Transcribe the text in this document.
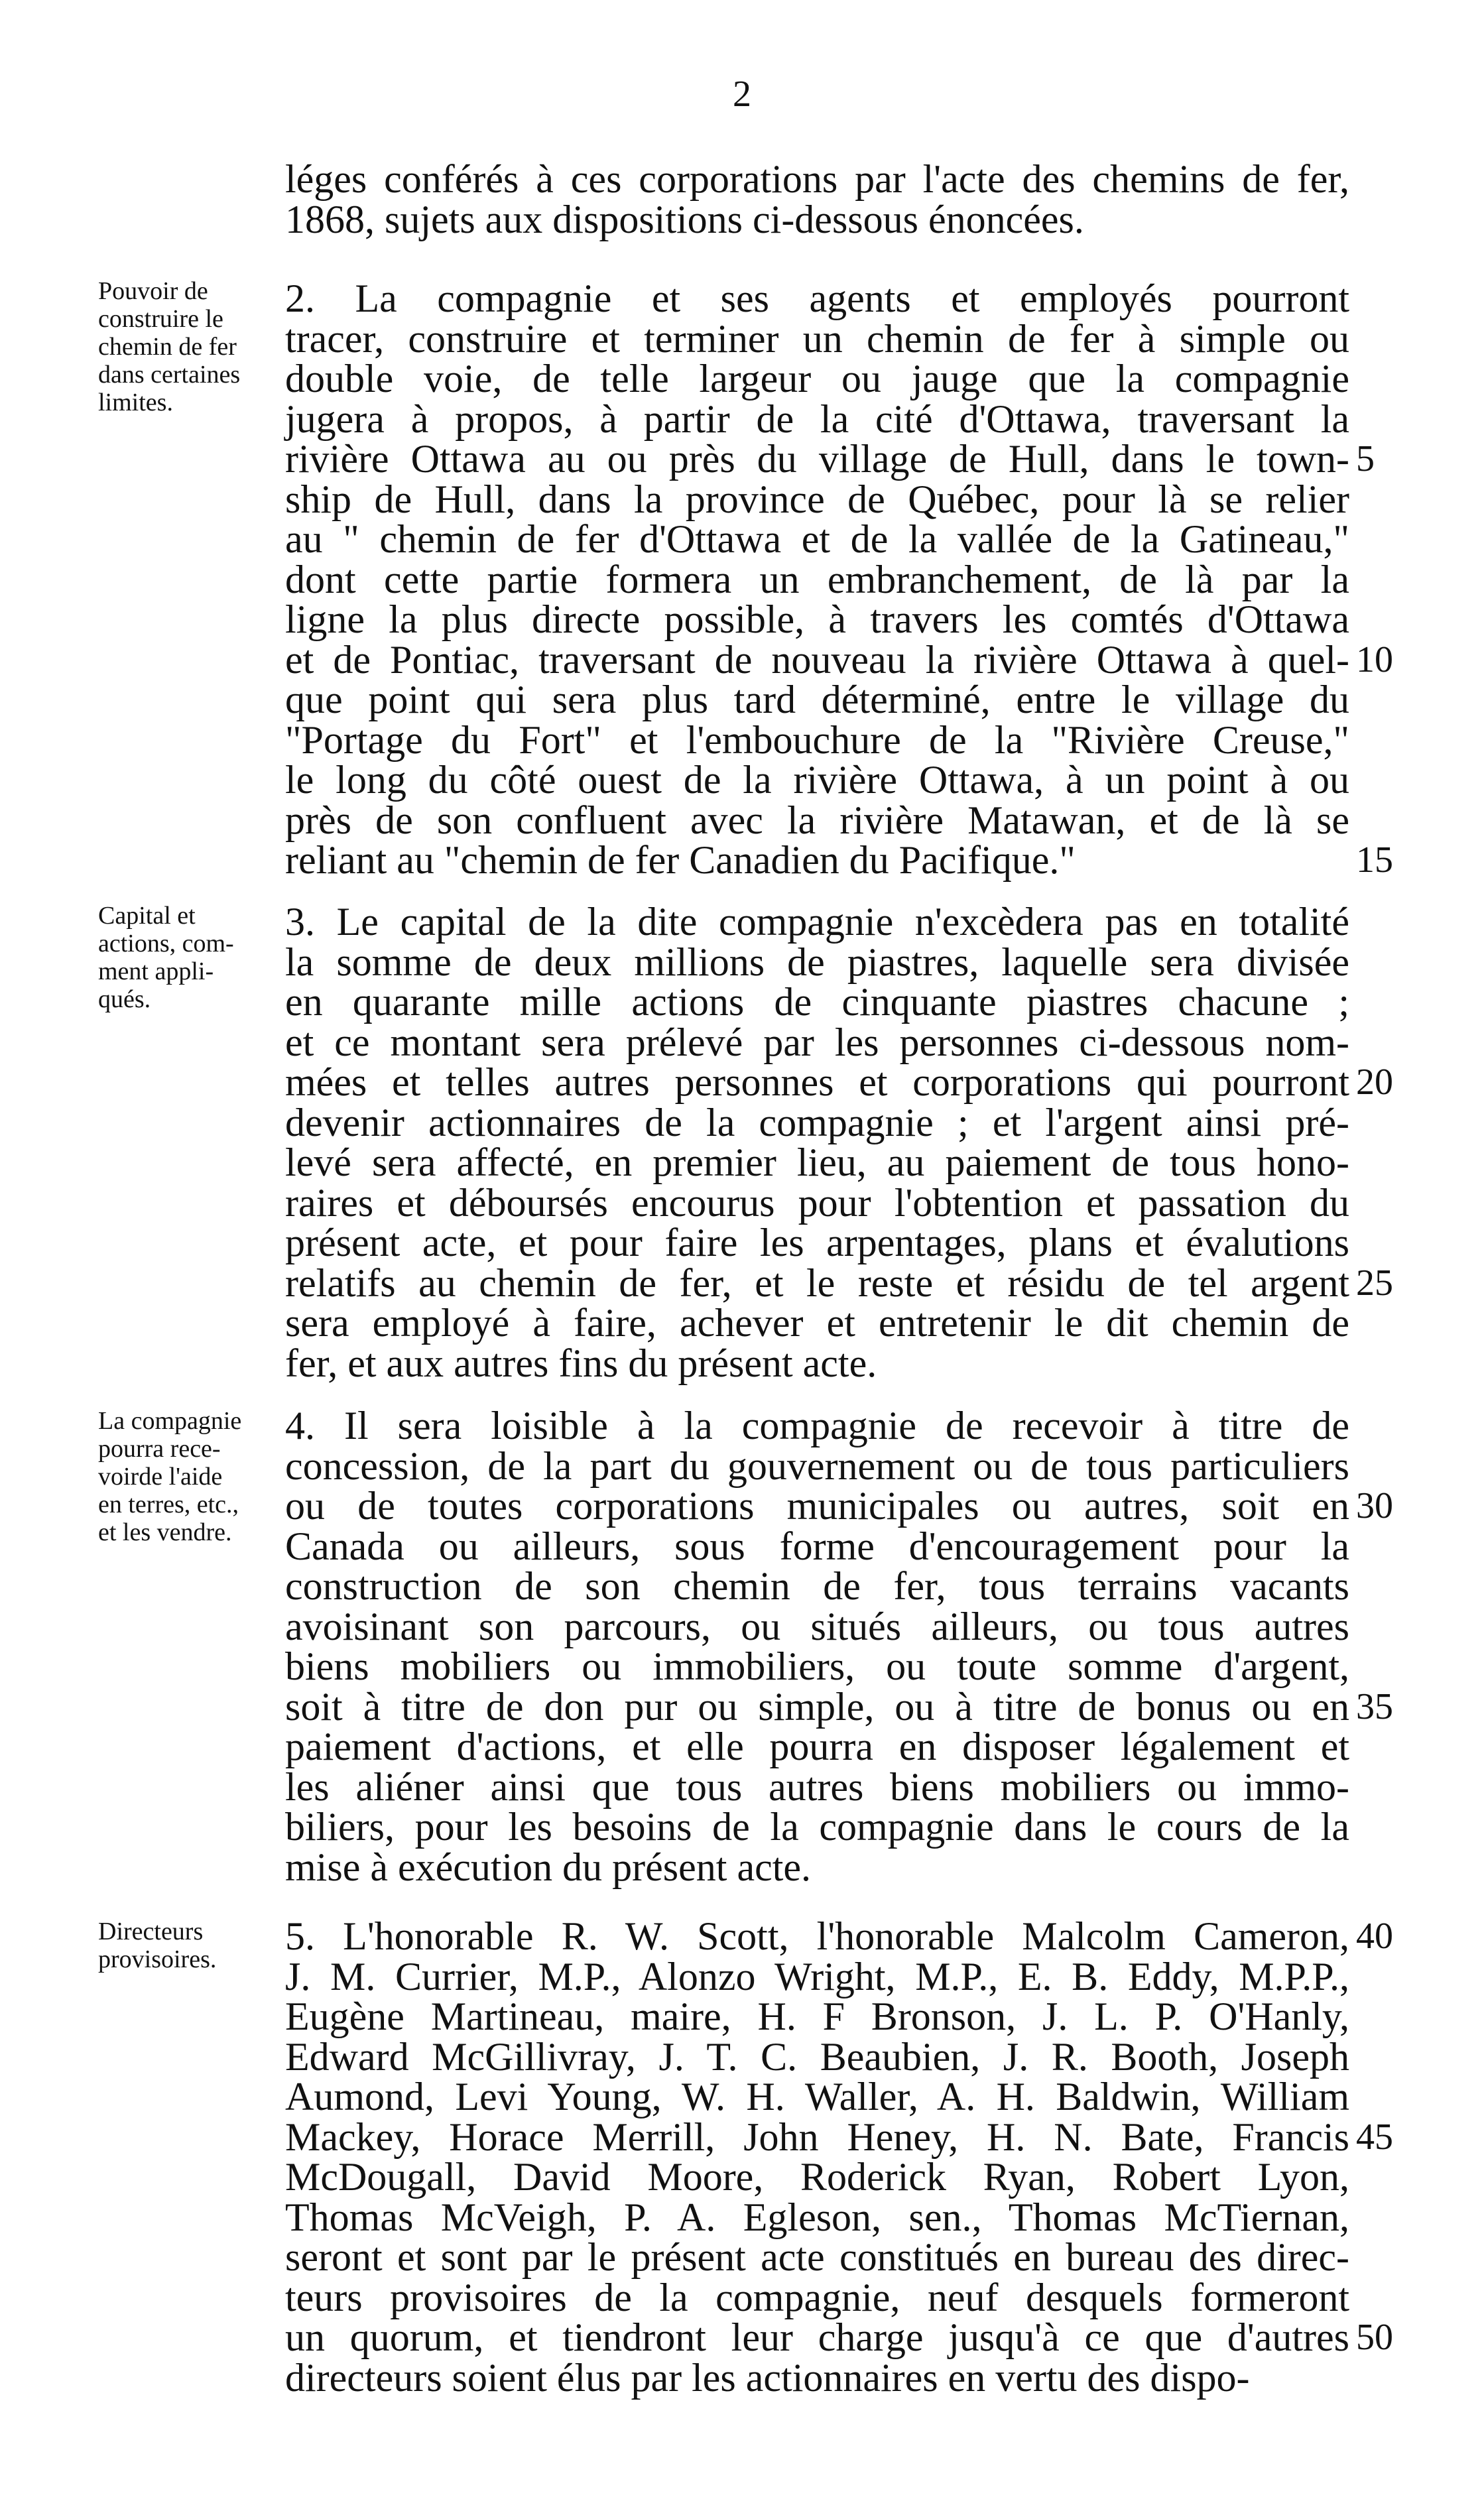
2
léges conférés à ces corporations par l'acte des chemins de fer,
1868, sujets aux dispositions ci-dessous énoncées.
2. La compagnie et ses agents et employés pourront
tracer, construire et terminer un chemin de fer à simple ou
double voie, de telle largeur ou jauge que la compagnie
jugera à propos, à partir de la cité d'Ottawa, traversant la
rivière Ottawa au ou près du village de Hull, dans le town-
ship de Hull, dans la province de Québec, pour là se relier
au " chemin de fer d'Ottawa et de la vallée de la Gatineau,"
dont cette partie formera un embranchement, de là par la
ligne la plus directe possible, à travers les comtés d'Ottawa
et de Pontiac, traversant de nouveau la rivière Ottawa à quel-
que point qui sera plus tard déterminé, entre le village du
"Portage du Fort" et l'embouchure de la "Rivière Creuse,"
le long du côté ouest de la rivière Ottawa, à un point à ou
près de son confluent avec la rivière Matawan, et de là se
reliant au "chemin de fer Canadien du Pacifique."
3. Le capital de la dite compagnie n'excèdera pas en totalité
la somme de deux millions de piastres, laquelle sera divisée
en quarante mille actions de cinquante piastres chacune ;
et ce montant sera prélevé par les personnes ci-dessous nom-
mées et telles autres personnes et corporations qui pourront
devenir actionnaires de la compagnie ; et l'argent ainsi pré-
levé sera affecté, en premier lieu, au paiement de tous hono-
raires et déboursés encourus pour l'obtention et passation du
présent acte, et pour faire les arpentages, plans et évalutions
relatifs au chemin de fer, et le reste et résidu de tel argent
sera employé à faire, achever et entretenir le dit chemin de
fer, et aux autres fins du présent acte.
4. Il sera loisible à la compagnie de recevoir à titre de
concession, de la part du gouvernement ou de tous particuliers
ou de toutes corporations municipales ou autres, soit en
Canada ou ailleurs, sous forme d'encouragement pour la
construction de son chemin de fer, tous terrains vacants
avoisinant son parcours, ou situés ailleurs, ou tous autres
biens mobiliers ou immobiliers, ou toute somme d'argent,
soit à titre de don pur ou simple, ou à titre de bonus ou en
paiement d'actions, et elle pourra en disposer légalement et
les aliéner ainsi que tous autres biens mobiliers ou immo-
biliers, pour les besoins de la compagnie dans le cours de la
mise à exécution du présent acte.
5. L'honorable R. W. Scott, l'honorable Malcolm Cameron,
J. M. Currier, M.P., Alonzo Wright, M.P., E. B. Eddy, M.P.P.,
Eugène Martineau, maire, H. F Bronson, J. L. P. O'Hanly,
Edward McGillivray, J. T. C. Beaubien, J. R. Booth, Joseph
Aumond, Levi Young, W. H. Waller, A. H. Baldwin, William
Mackey, Horace Merrill, John Heney, H. N. Bate, Francis
McDougall, David Moore, Roderick Ryan, Robert Lyon,
Thomas McVeigh, P. A. Egleson, sen., Thomas McTiernan,
seront et sont par le présent acte constitués en bureau des direc-
teurs provisoires de la compagnie, neuf desquels formeront
un quorum, et tiendront leur charge jusqu'à ce que d'autres
directeurs soient élus par les actionnaires en vertu des dispo-
Pouvoir de
construire le
chemin de fer
dans certaines
limites.
Capital et
actions, com-
ment appli-
qués.
La compagnie
pourra rece-
voirde l'aide
en terres, etc.,
et les vendre.
Directeurs
provisoires.
5
10
15
20
25
30
35
40
45
50
